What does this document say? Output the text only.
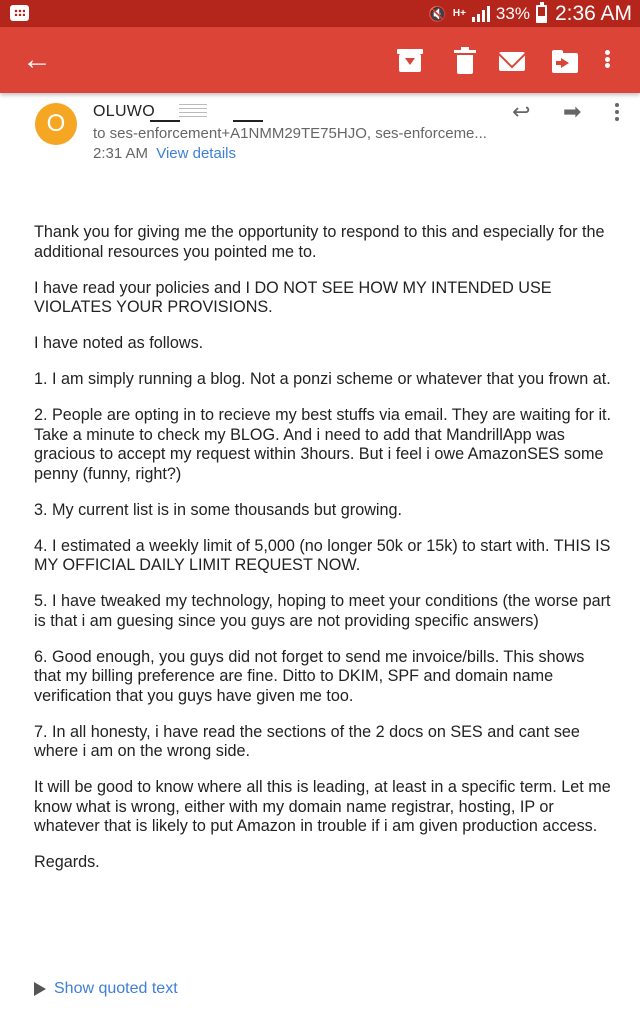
🔇 H+ 33% 2:36 AM
←
O	OLUWO
to ses-enforcement+A1NMM29TE75HJO, ses-enforceme...
2:31 AM View details
↩	➡

Thank you for giving me the opportunity to respond to this and especially for the additional resources you pointed me to.

I have read your policies and I DO NOT SEE HOW MY INTENDED USE VIOLATES YOUR PROVISIONS.

I have noted as follows.

1. I am simply running a blog. Not a ponzi scheme or whatever that you frown at.

2. People are opting in to recieve my best stuffs via email. They are waiting for it. Take a minute to check my BLOG. And i need to add that MandrillApp was gracious to accept my request within 3hours. But i feel i owe AmazonSES some penny (funny, right?)

3. My current list is in some thousands but growing.

4. I estimated a weekly limit of 5,000 (no longer 50k or 15k) to start with. THIS IS MY OFFICIAL DAILY LIMIT REQUEST NOW.

5. I have tweaked my technology, hoping to meet your conditions (the worse part is that i am guesing since you guys are not providing specific answers)

6. Good enough, you guys did not forget to send me invoice/bills. This shows that my billing preference are fine. Ditto to DKIM, SPF and domain name verification that you guys have given me too.

7. In all honesty, i have read the sections of the 2 docs on SES and cant see where i am on the wrong side.

It will be good to know where all this is leading, at least in a specific term. Let me know what is wrong, either with my domain name registrar, hosting, IP or whatever that is likely to put Amazon in trouble if i am given production access.

Regards.

Show quoted text
